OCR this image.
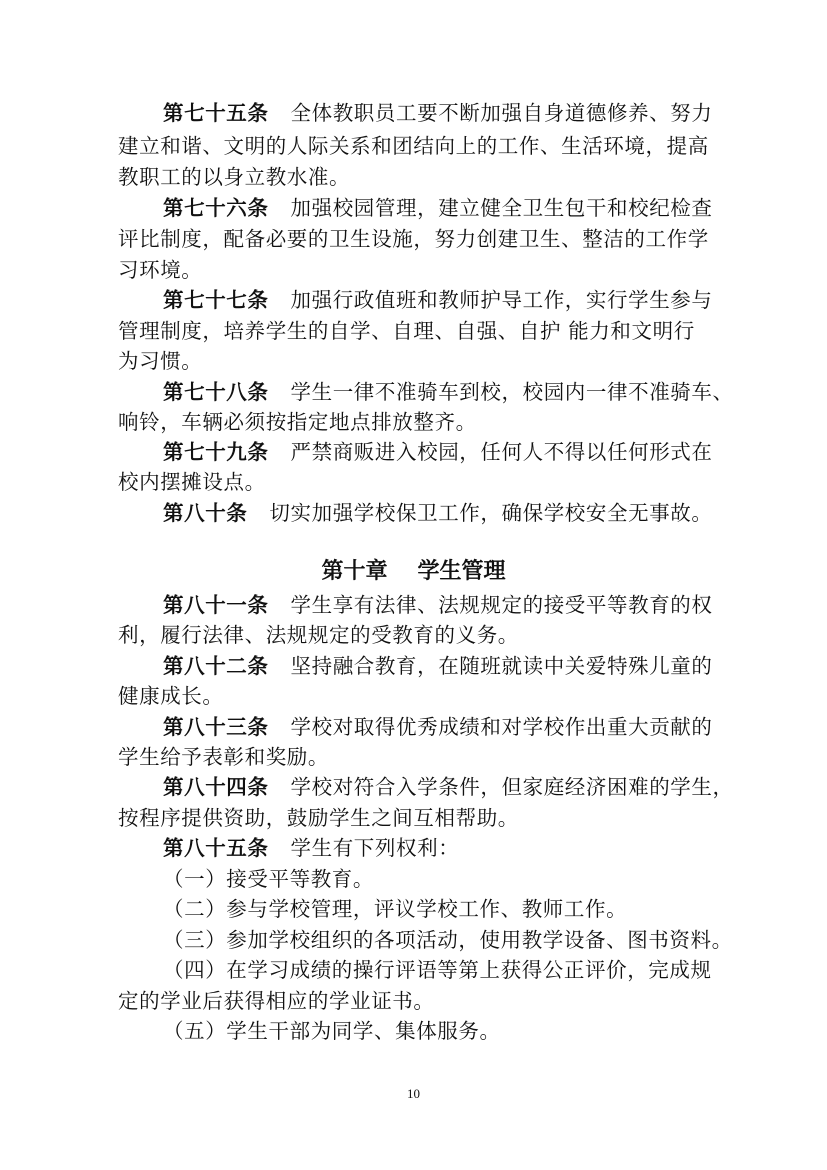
第七十五条 全体教职员工要不断加强自身道德修养、努力
建立和谐、文明的人际关系和团结向上的工作、生活环境，提高
教职工的以身立教水准。
第七十六条 加强校园管理，建立健全卫生包干和校纪检查
评比制度，配备必要的卫生设施，努力创建卫生、整洁的工作学
习环境。
第七十七条 加强行政值班和教师护导工作，实行学生参与
管理制度，培养学生的自学、自理、自强、自护 能力和文明行
为习惯。
第七十八条 学生一律不准骑车到校，校园内一律不准骑车、
响铃，车辆必须按指定地点排放整齐。
第七十九条 严禁商贩进入校园，任何人不得以任何形式在
校内摆摊设点。
第八十条 切实加强学校保卫工作，确保学校安全无事故。
第十章 学生管理
第八十一条 学生享有法律、法规规定的接受平等教育的权
利，履行法律、法规规定的受教育的义务。
第八十二条 坚持融合教育，在随班就读中关爱特殊儿童的
健康成长。
第八十三条 学校对取得优秀成绩和对学校作出重大贡献的
学生给予表彰和奖励。
第八十四条 学校对符合入学条件，但家庭经济困难的学生，
按程序提供资助，鼓励学生之间互相帮助。
第八十五条 学生有下列权利：
（一）接受平等教育。
（二）参与学校管理，评议学校工作、教师工作。
（三）参加学校组织的各项活动，使用教学设备、图书资料。
（四）在学习成绩的操行评语等第上获得公正评价，完成规
定的学业后获得相应的学业证书。
（五）学生干部为同学、集体服务。
10
